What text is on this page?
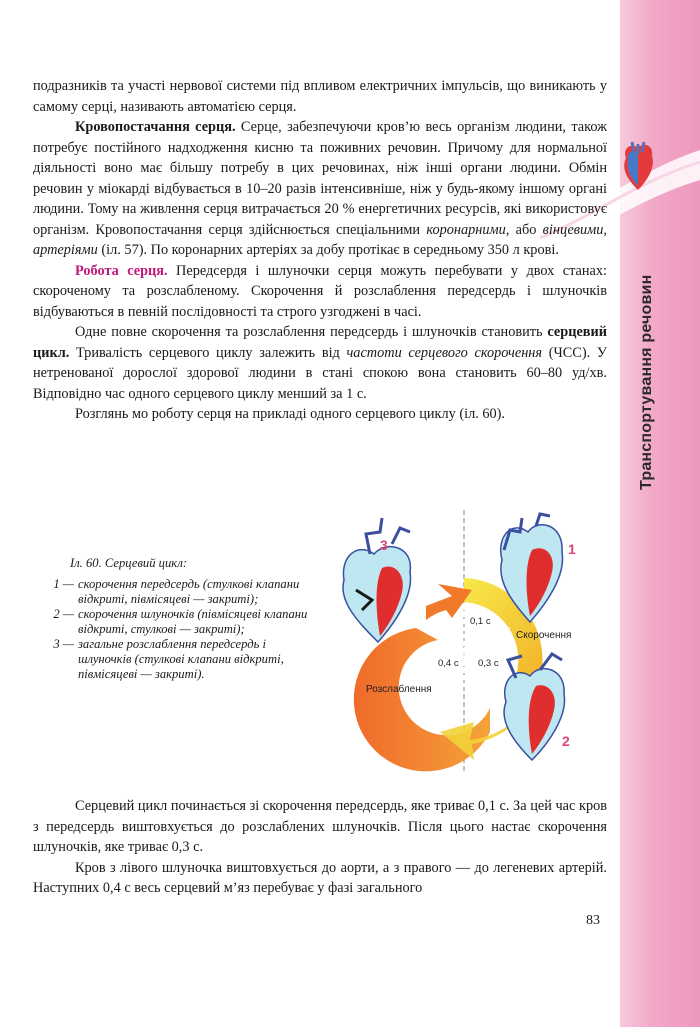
Транспортування речовин

подразників та участі нервової системи під впливом електричних імпульсів, що виникають у самому серці, називають автоматією серця.

Кровопостачання серця. Серце, забезпечуючи кров’ю весь організм людини, також потребує постійного надходження кисню та поживних речовин. Причому для нормальної діяльності воно має більшу потребу в цих речовинах, ніж інші органи людини. Обмін речовин у міокарді відбувається в 10–20 разів інтенсивніше, ніж у будь-якому іншому органі людини. Тому на живлення серця витрачається 20 % енергетичних ресурсів, які використовує організм. Кровопостачання серця здійснюється спеціальними коронарними, або вінцевими, артеріями (іл. 57). По коронарних артеріях за добу протікає в середньому 350 л крові.

Робота серця. Передсердя і шлуночки серця можуть перебувати у двох станах: скороченому та розслабленому. Скорочення й розслаблення передсердь і шлуночків відбуваються в певній послідовності та строго узгоджені в часі.

Одне повне скорочення та розслаблення передсердь і шлуночків становить серцевий цикл. Тривалість серцевого циклу залежить від частоти серцевого скорочення (ЧСС). У нетренованої дорослої здорової людини в стані спокою вона становить 60–80 уд/хв. Відповідно час одного серцевого циклу менший за 1 с.

Розглянь мо роботу серця на прикладі одного серцевого циклу (іл. 60).

Іл. 60. Серцевий цикл:
1 — скорочення передсердь (стулкові клапани відкриті, півмісяцеві — закриті);
2 — скорочення шлуночків (півмісяцеві клапани відкриті, стулкові — закриті);
3 — загальне розслаблення передсердь і шлуночків (стулкові клапани відкриті, півмісяцеві — закриті).
1
2
3
0,1 с
0,4 с 0,3 с
Скорочення
Розслаблення

Серцевий цикл починається зі скорочення передсердь, яке триває 0,1 с. За цей час кров з передсердь виштовхується до розслаблених шлуночків. Після цього настає скорочення шлуночків, яке триває 0,3 с.

Кров з лівого шлуночка виштовхується до аорти, а з правого — до легеневих артерій. Наступних 0,4 с весь серцевий м’яз перебуває у фазі загального

83
